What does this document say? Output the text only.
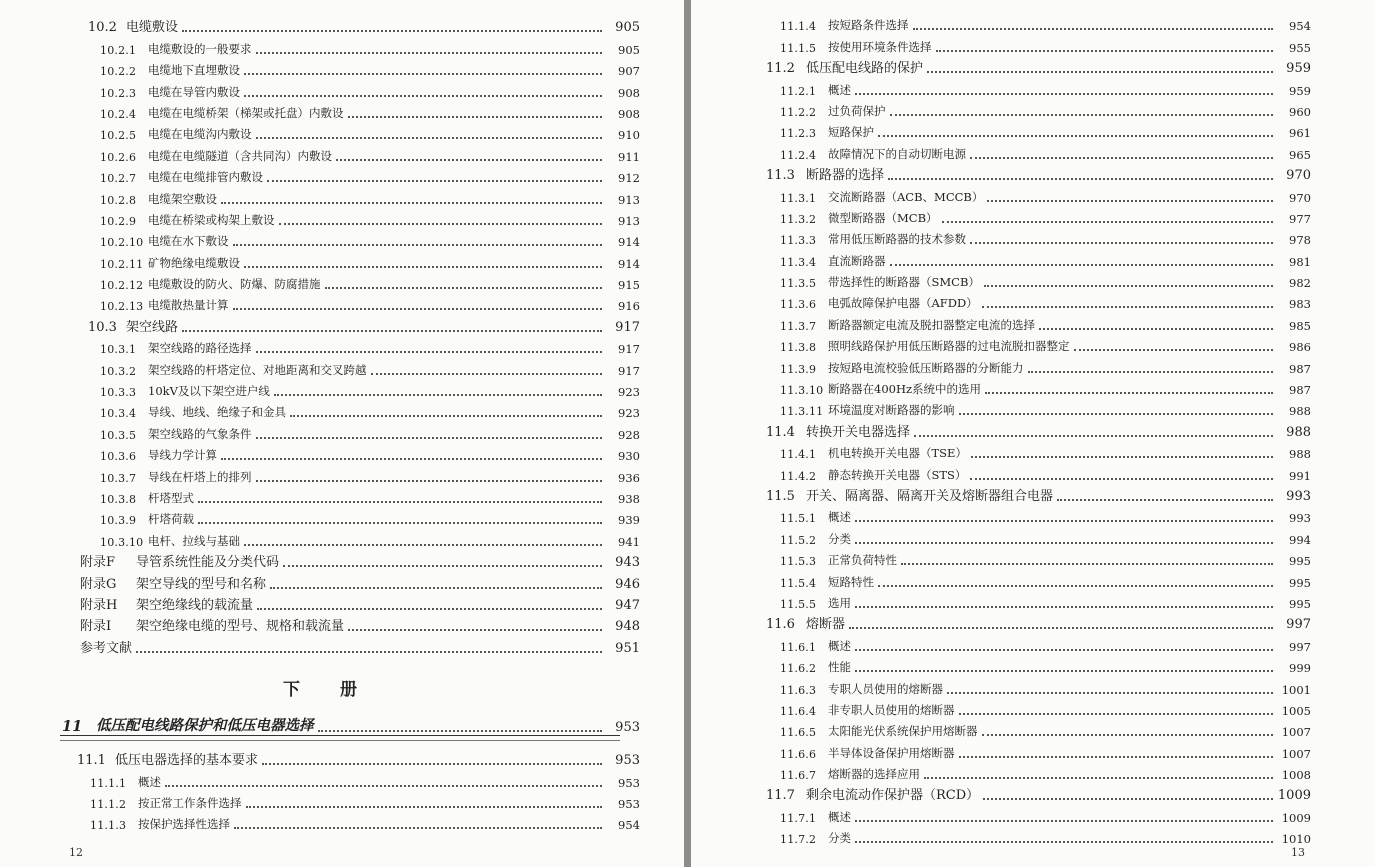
10.2 电缆敷设	905
10.2.1	电缆敷设的一般要求	905
10.2.2	电缆地下直埋敷设	907
10.2.3	电缆在导管内敷设	908
10.2.4	电缆在电缆桥架（梯架或托盘）内敷设	908
10.2.5	电缆在电缆沟内敷设	910
10.2.6	电缆在电缆隧道（含共同沟）内敷设	911
10.2.7	电缆在电缆排管内敷设	912
10.2.8	电缆架空敷设	913
10.2.9	电缆在桥梁或构架上敷设	913
10.2.10 电缆在水下敷设	914
10.2.11 矿物绝缘电缆敷设	914
10.2.12 电缆敷设的防火、防爆、防腐措施	915
10.2.13 电缆散热量计算	916
10.3 架空线路	917
10.3.1	架空线路的路径选择	917
10.3.2	架空线路的杆塔定位、对地距离和交叉跨越	917
10.3.3	10kV及以下架空进户线	923
10.3.4	导线、地线、绝缘子和金具	923
10.3.5	架空线路的气象条件	928
10.3.6	导线力学计算	930
10.3.7	导线在杆塔上的排列	936
10.3.8	杆塔型式	938
10.3.9	杆塔荷载	939
10.3.10 电杆、拉线与基础	941
附录F	导管系统性能及分类代码	943
附录G	架空导线的型号和名称	946
附录H	架空绝缘线的载流量	947
附录I	架空绝缘电缆的型号、规格和载流量	948
参考文献	951
下册
11 低压配电线路保护和低压电器选择	953
11.1 低压电器选择的基本要求	953
11.1.1	概述	953
11.1.2	按正常工作条件选择	953
11.1.3	按保护选择性选择	954
12
11.1.4	按短路条件选择	954
11.1.5	按使用环境条件选择	955
11.2 低压配电线路的保护	959
11.2.1	概述	959
11.2.2	过负荷保护	960
11.2.3	短路保护	961
11.2.4	故障情况下的自动切断电源	965
11.3 断路器的选择	970
11.3.1	交流断路器（ACB、MCCB）	970
11.3.2	微型断路器（MCB）	977
11.3.3	常用低压断路器的技术参数	978
11.3.4	直流断路器	981
11.3.5	带选择性的断路器（SMCB）	982
11.3.6	电弧故障保护电器（AFDD）	983
11.3.7	断路器额定电流及脱扣器整定电流的选择	985
11.3.8	照明线路保护用低压断路器的过电流脱扣器整定	986
11.3.9	按短路电流校验低压断路器的分断能力	987
11.3.10 断路器在400Hz系统中的选用	987
11.3.11 环境温度对断路器的影响	988
11.4 转换开关电器选择	988
11.4.1	机电转换开关电器（TSE）	988
11.4.2	静态转换开关电器（STS）	991
11.5 开关、隔离器、隔离开关及熔断器组合电器	993
11.5.1	概述	993
11.5.2	分类	994
11.5.3	正常负荷特性	995
11.5.4	短路特性	995
11.5.5	选用	995
11.6 熔断器	997
11.6.1	概述	997
11.6.2	性能	999
11.6.3	专职人员使用的熔断器	1001
11.6.4	非专职人员使用的熔断器	1005
11.6.5	太阳能光伏系统保护用熔断器	1007
11.6.6	半导体设备保护用熔断器	1007
11.6.7	熔断器的选择应用	1008
11.7 剩余电流动作保护器（RCD）	1009
11.7.1	概述	1009
11.7.2	分类	1010
13
